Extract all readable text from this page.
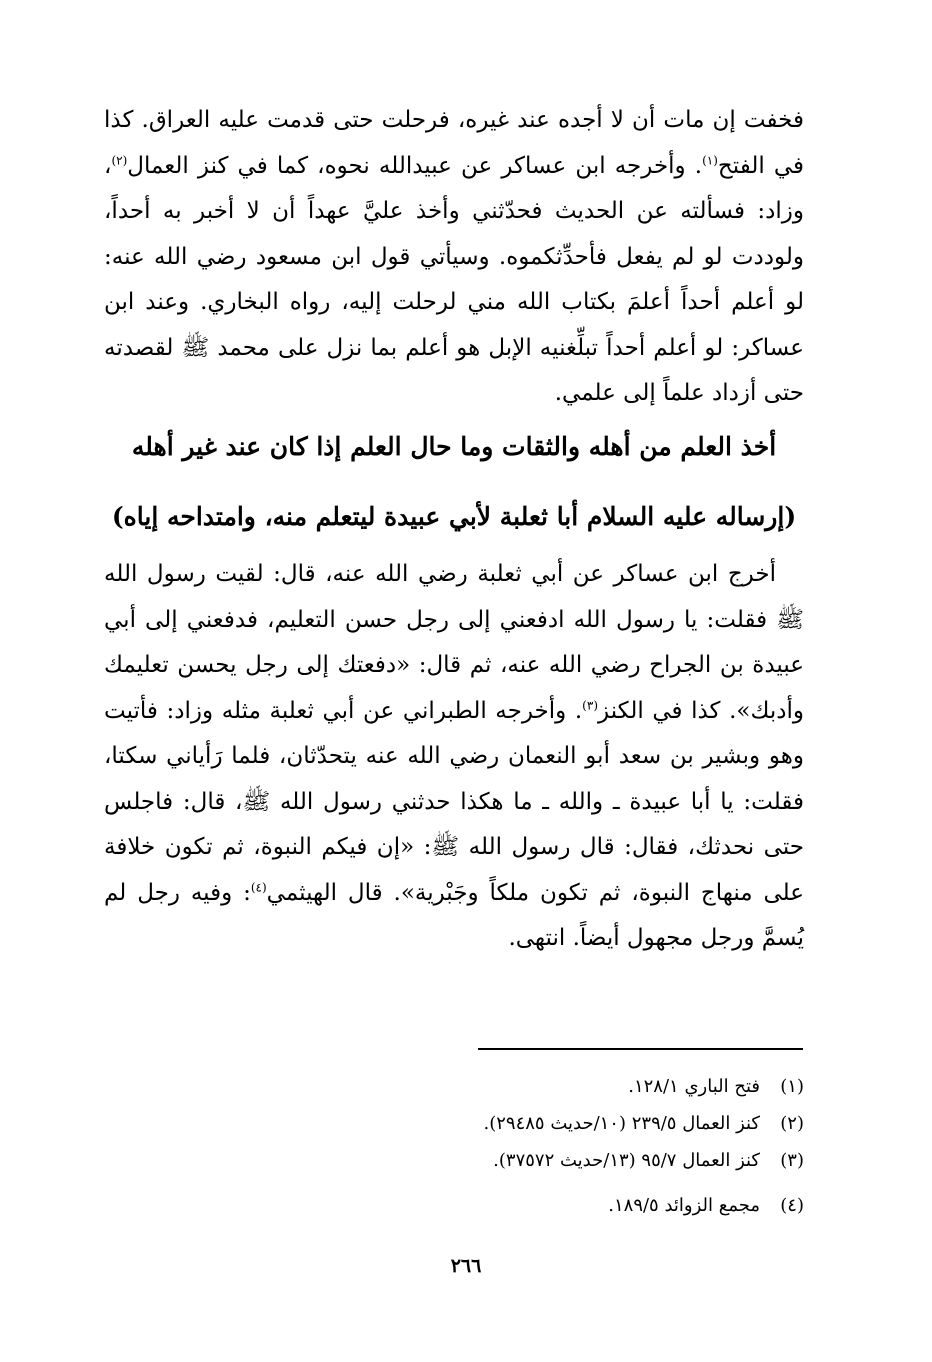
فخفت إن مات أن لا أجده عند غيره، فرحلت حتى قدمت عليه العراق. كذا في الفتح$^{(١)}$. وأخرجه ابن عساكر عن عبيدالله نحوه، كما في كنز العمال$^{(٢)}$، وزاد: فسألته عن الحديث فحدّثني وأخذ عليَّ عهداً أن لا أخبر به أحداً، ولوددت لو لم يفعل فأحدِّثكموه. وسيأتي قول ابن مسعود رضي الله عنه: لو أعلم أحداً أعلمَ بكتاب الله مني لرحلت إليه، رواه البخاري. وعند ابن عساكر: لو أعلم أحداً تبلِّغنيه الإبل هو أعلم بما نزل على محمد ﷺ لقصدته حتى أزداد علماً إلى علمي.

أخذ العلم من أهله والثقات وما حال العلم إذا كان عند غير أهله
(إرساله عليه السلام أبا ثعلبة لأبي عبيدة ليتعلم منه، وامتداحه إياه)

أخرج ابن عساكر عن أبي ثعلبة رضي الله عنه، قال: لقيت رسول الله ﷺ فقلت: يا رسول الله ادفعني إلى رجل حسن التعليم، فدفعني إلى أبي عبيدة بن الجراح رضي الله عنه، ثم قال: «دفعتك إلى رجل يحسن تعليمك وأدبك». كذا في الكنز$^{(٣)}$. وأخرجه الطبراني عن أبي ثعلبة مثله وزاد: فأتيت وهو وبشير بن سعد أبو النعمان رضي الله عنه يتحدّثان، فلما رَأياني سكتا، فقلت: يا أبا عبيدة ـ والله ـ ما هكذا حدثني رسول الله ﷺ، قال: فاجلس حتى نحدثك، فقال: قال رسول الله ﷺ: «إن فيكم النبوة، ثم تكون خلافة على منهاج النبوة، ثم تكون ملكاً وجَبْرية». قال الهيثمي$^{(٤)}$: وفيه رجل لم يُسمَّ ورجل مجهول أيضاً. انتهى.

(١)فتح الباري ١٢٨/١.
(٢)كنز العمال ٢٣٩/٥ (١٠/حديث ٢٩٤٨٥).
(٣)كنز العمال ٩٥/٧ (١٣/حديث ٣٧٥٧٢).
(٤)مجمع الزوائد ١٨٩/٥.
٢٦٦
